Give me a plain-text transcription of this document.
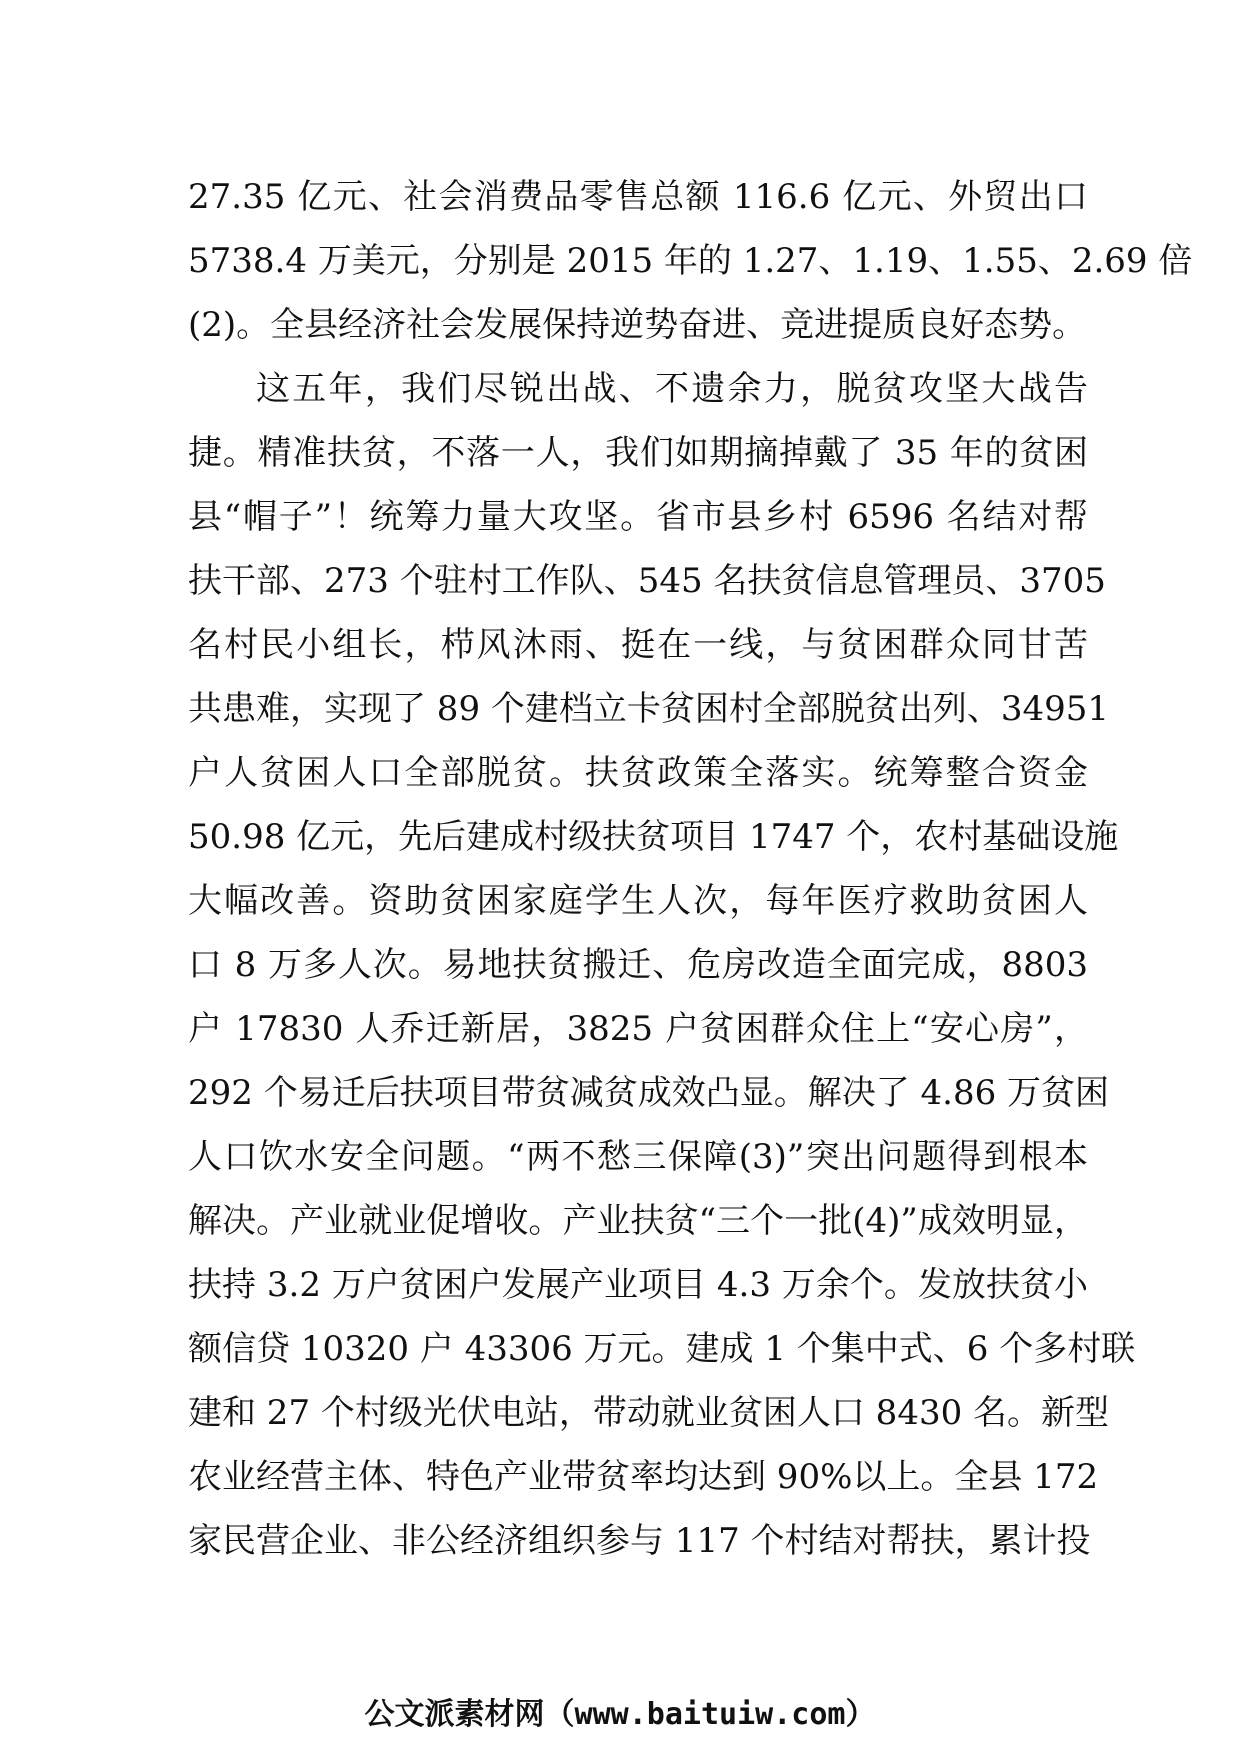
27.35 亿元、社会消费品零售总额 116.6 亿元、外贸出口
5738.4 万美元，分别是 2015 年的 1.27、1.19、1.55、2.69 倍
(2)。全县经济社会发展保持逆势奋进、竞进提质良好态势。
这五年，我们尽锐出战、不遗余力，脱贫攻坚大战告
捷。精准扶贫，不落一人，我们如期摘掉戴了 35 年的贫困
县“帽子”！统筹力量大攻坚。省市县乡村 6596 名结对帮
扶干部、273 个驻村工作队、545 名扶贫信息管理员、3705
名村民小组长，栉风沐雨、挺在一线，与贫困群众同甘苦
共患难，实现了 89 个建档立卡贫困村全部脱贫出列、34951
户人贫困人口全部脱贫。扶贫政策全落实。统筹整合资金
50.98 亿元，先后建成村级扶贫项目 1747 个，农村基础设施
大幅改善。资助贫困家庭学生人次，每年医疗救助贫困人
口 8 万多人次。易地扶贫搬迁、危房改造全面完成，8803
户 17830 人乔迁新居，3825 户贫困群众住上“安心房”，
292 个易迁后扶项目带贫减贫成效凸显。解决了 4.86 万贫困
人口饮水安全问题。“两不愁三保障(3)”突出问题得到根本
解决。产业就业促增收。产业扶贫“三个一批(4)”成效明显，
扶持 3.2 万户贫困户发展产业项目 4.3 万余个。发放扶贫小
额信贷 10320 户 43306 万元。建成 1 个集中式、6 个多村联
建和 27 个村级光伏电站，带动就业贫困人口 8430 名。新型
农业经营主体、特色产业带贫率均达到 90%以上。全县 172
家民营企业、非公经济组织参与 117 个村结对帮扶，累计投
公文派素材网（www.baituiw.com）
